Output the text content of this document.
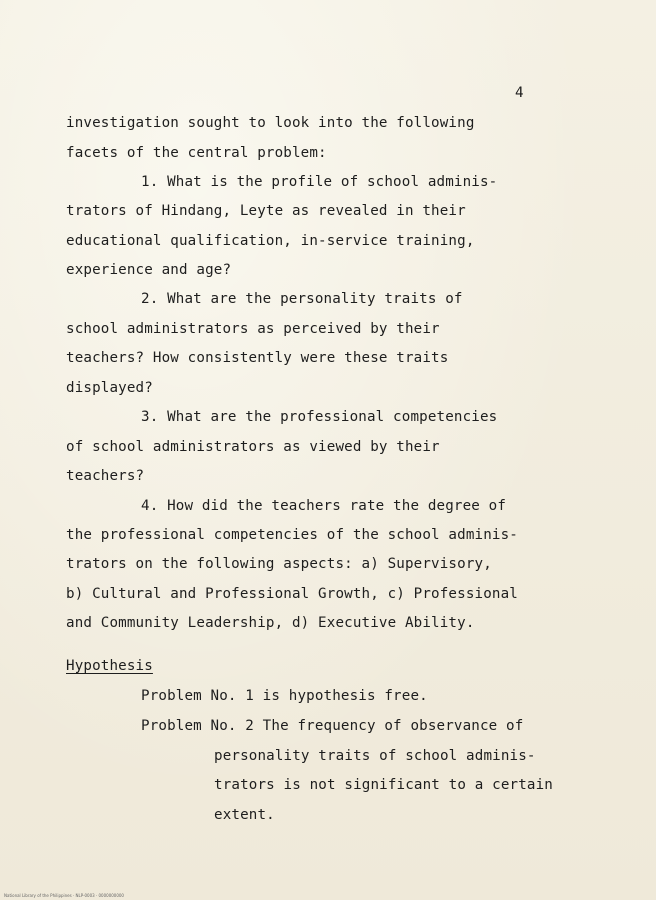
4
investigation sought to look into the following
facets of the central problem:
1. What is the profile of school adminis-
trators of Hindang, Leyte as revealed in their
educational qualification, in-service training,
experience and age?
2. What are the personality traits of
school administrators as perceived by their
teachers? How consistently were these traits
displayed?
3. What are the professional competencies
of school administrators as viewed by their
teachers?
4. How did the teachers rate the degree of
the professional competencies of the school adminis-
trators on the following aspects: a) Supervisory,
b) Cultural and Professional Growth, c) Professional
and Community Leadership, d) Executive Ability.
Hypothesis
Problem No. 1 is hypothesis free.
Problem No. 2 The frequency of observance of
personality traits of school adminis-
trators is not significant to a certain
extent.
National Library of the Philippines · NLP-0003 · 0000000000
